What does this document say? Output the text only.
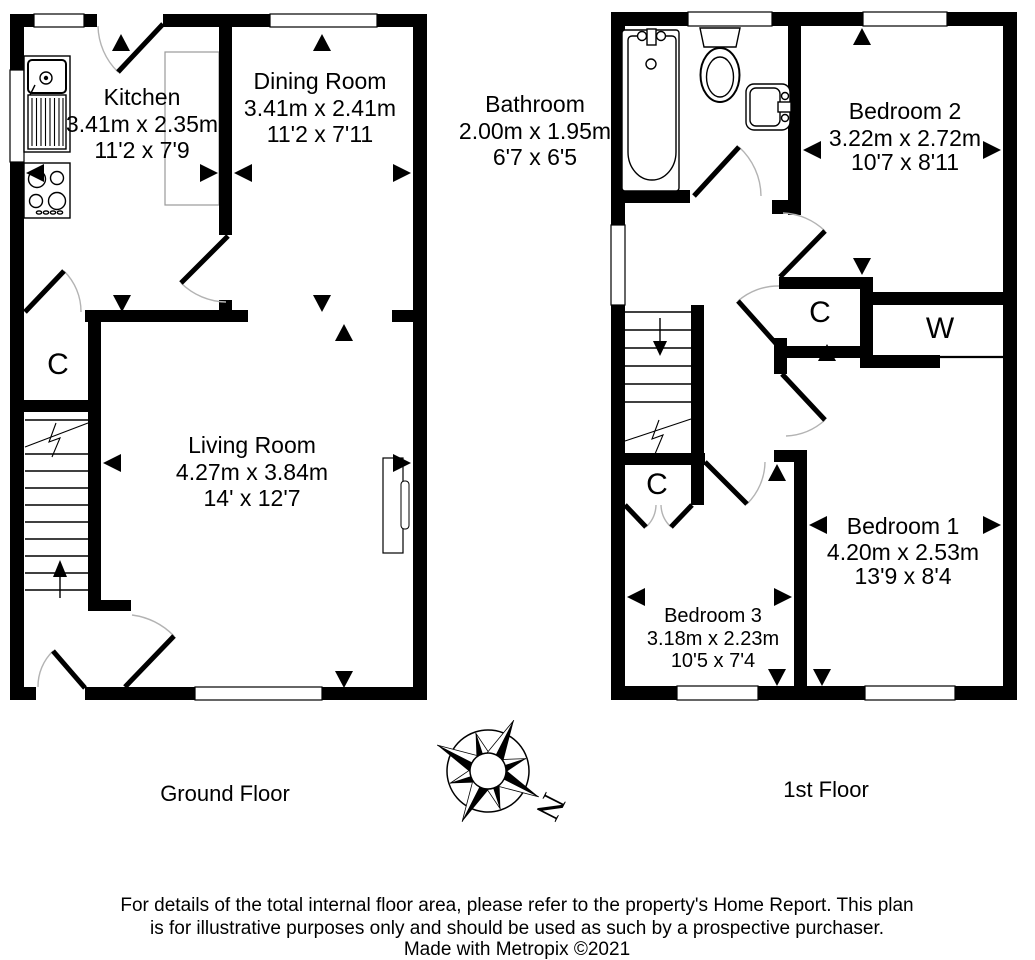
Kitchen
3.41m x 2.35m
11'2 x 7'9
Dining Room
3.41m x 2.41m
11'2 x 7'11
Living Room
4.27m x 3.84m
14' x 12'7
C
Ground Floor
Bathroom
2.00m x 1.95m
6'7 x 6'5
Bedroom 2
3.22m x 2.72m
10'7 x 8'11
Bedroom 1
4.20m x 2.53m
13'9 x 8'4
Bedroom 3
3.18m x 2.23m
10'5 x 7'4
C	W
C
1st Floor
N
For details of the total internal floor area, please refer to the property's Home Report. This plan
is for illustrative purposes only and should be used as such by a prospective purchaser.
Made with Metropix ©2021
